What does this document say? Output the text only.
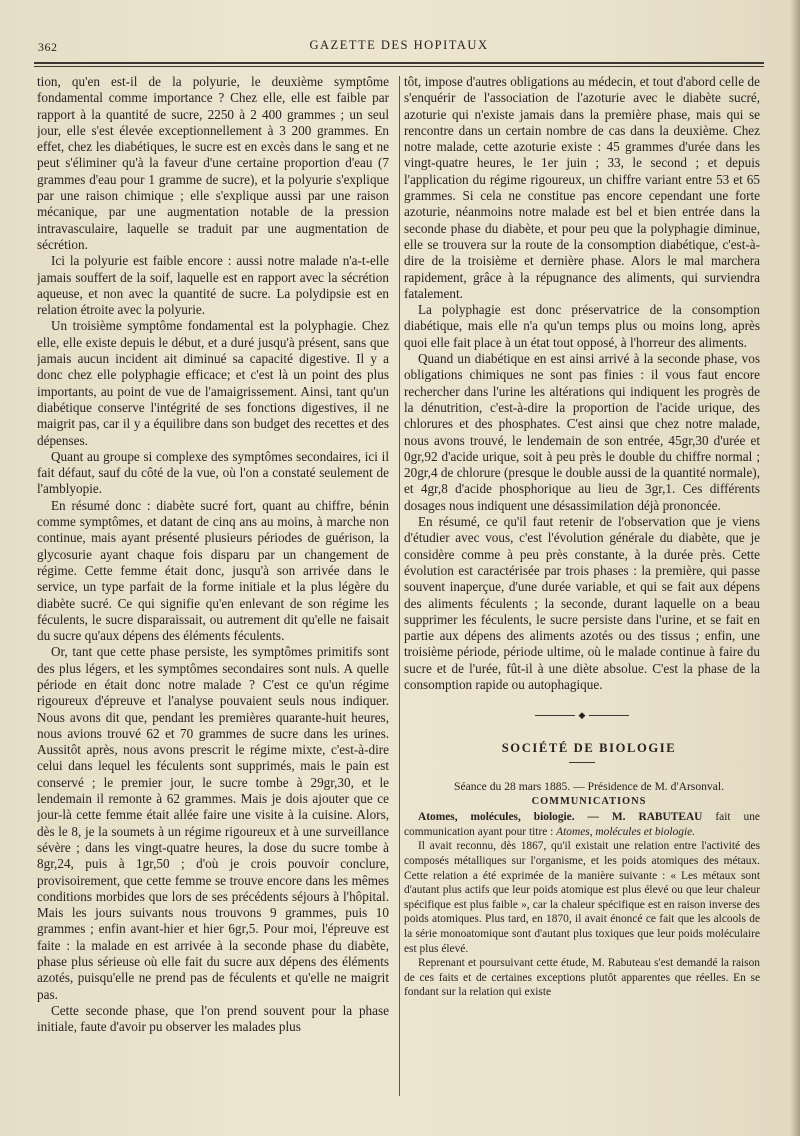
362	GAZETTE DES HOPITAUX

tion, qu'en est-il de la polyurie, le deuxième symptôme fondamental comme importance ? Chez elle, elle est faible par rapport à la quantité de sucre, 2250 à 2 400 grammes ; un seul jour, elle s'est élevée exceptionnellement à 3 200 grammes. En effet, chez les diabétiques, le sucre est en excès dans le sang et ne peut s'éliminer qu'à la faveur d'une certaine proportion d'eau (7 grammes d'eau pour 1 gramme de sucre), et la polyurie s'explique par une raison chimique ; elle s'explique aussi par une raison mécanique, par une augmentation notable de la pression intravasculaire, laquelle se traduit par une augmentation de sécrétion.

Ici la polyurie est faible encore : aussi notre malade n'a-t-elle jamais souffert de la soif, laquelle est en rapport avec la sécrétion aqueuse, et non avec la quantité de sucre. La polydipsie est en relation étroite avec la polyurie.

Un troisième symptôme fondamental est la polyphagie. Chez elle, elle existe depuis le début, et a duré jusqu'à présent, sans que jamais aucun incident ait diminué sa capacité digestive. Il y a donc chez elle polyphagie efficace; et c'est là un point des plus importants, au point de vue de l'amaigrissement. Ainsi, tant qu'un diabétique conserve l'intégrité de ses fonctions digestives, il ne maigrit pas, car il y a équilibre dans son budget des recettes et des dépenses.

Quant au groupe si complexe des symptômes secondaires, ici il fait défaut, sauf du côté de la vue, où l'on a constaté seulement de l'amblyopie.

En résumé donc : diabète sucré fort, quant au chiffre, bénin comme symptômes, et datant de cinq ans au moins, à marche non continue, mais ayant présenté plusieurs périodes de guérison, la glycosurie ayant chaque fois disparu par un changement de régime. Cette femme était donc, jusqu'à son arrivée dans le service, un type parfait de la forme initiale et la plus légère du diabète sucré. Ce qui signifie qu'en enlevant de son régime les féculents, le sucre disparaissait, ou autrement dit qu'elle ne faisait du sucre qu'aux dépens des éléments féculents.

Or, tant que cette phase persiste, les symptômes primitifs sont des plus légers, et les symptômes secondaires sont nuls. A quelle période en était donc notre malade ? C'est ce qu'un régime rigoureux d'épreuve et l'analyse pouvaient seuls nous indiquer. Nous avons dit que, pendant les premières quarante-huit heures, nous avions trouvé 62 et 70 grammes de sucre dans les urines. Aussitôt après, nous avons prescrit le régime mixte, c'est-à-dire celui dans lequel les féculents sont supprimés, mais le pain est conservé ; le premier jour, le sucre tombe à 29gr,30, et le lendemain il remonte à 62 grammes. Mais je dois ajouter que ce jour-là cette femme était allée faire une visite à la cuisine. Alors, dès le 8, je la soumets à un régime rigoureux et à une surveillance sévère ; dans les vingt-quatre heures, la dose du sucre tombe à 8gr,24, puis à 1gr,50 ; d'où je crois pouvoir conclure, provisoirement, que cette femme se trouve encore dans les mêmes conditions morbides que lors de ses précédents séjours à l'hôpital. Mais les jours suivants nous trouvons 9 grammes, puis 10 grammes ; enfin avant-hier et hier 6gr,5. Pour moi, l'épreuve est faite : la malade en est arrivée à la seconde phase du diabète, phase plus sérieuse où elle fait du sucre aux dépens des éléments azotés, puisqu'elle ne prend pas de féculents et qu'elle ne maigrit pas.

Cette seconde phase, que l'on prend souvent pour la phase initiale, faute d'avoir pu observer les malades plus

tôt, impose d'autres obligations au médecin, et tout d'abord celle de s'enquérir de l'association de l'azoturie avec le diabète sucré, azoturie qui n'existe jamais dans la première phase, mais qui se rencontre dans un certain nombre de cas dans la deuxième. Chez notre malade, cette azoturie existe : 45 grammes d'urée dans les vingt-quatre heures, le 1er juin ; 33, le second ; et depuis l'application du régime rigoureux, un chiffre variant entre 53 et 65 grammes. Si cela ne constitue pas encore cependant une forte azoturie, néanmoins notre malade est bel et bien entrée dans la seconde phase du diabète, et pour peu que la polyphagie diminue, elle se trouvera sur la route de la consomption diabétique, c'est-à-dire de la troisième et dernière phase. Alors le mal marchera rapidement, grâce à la répugnance des aliments, qui surviendra fatalement.

La polyphagie est donc préservatrice de la consomption diabétique, mais elle n'a qu'un temps plus ou moins long, après quoi elle fait place à un état tout opposé, à l'horreur des aliments.

Quand un diabétique en est ainsi arrivé à la seconde phase, vos obligations chimiques ne sont pas finies : il vous faut encore rechercher dans l'urine les altérations qui indiquent les progrès de la dénutrition, c'est-à-dire la proportion de l'acide urique, des chlorures et des phosphates. C'est ainsi que chez notre malade, nous avons trouvé, le lendemain de son entrée, 45gr,30 d'urée et 0gr,92 d'acide urique, soit à peu près le double du chiffre normal ; 20gr,4 de chlorure (presque le double aussi de la quantité normale), et 4gr,8 d'acide phosphorique au lieu de 3gr,1. Ces différents dosages nous indiquent une désassimilation déjà prononcée.

En résumé, ce qu'il faut retenir de l'observation que je viens d'étudier avec vous, c'est l'évolution générale du diabète, que je considère comme à peu près constante, à la durée près. Cette évolution est caractérisée par trois phases : la première, qui passe souvent inaperçue, d'une durée variable, et qui se fait aux dépens des aliments féculents ; la seconde, durant laquelle on a beau supprimer les féculents, le sucre persiste dans l'urine, et se fait en partie aux dépens des aliments azotés ou des tissus ; enfin, une troisième période, période ultime, où le malade continue à faire du sucre et de l'urée, fût-il à une diète absolue. C'est la phase de la consomption rapide ou autophagique.

◆

SOCIÉTÉ DE BIOLOGIE

Séance du 28 mars 1885. — Présidence de M. d'Arsonval.

COMMUNICATIONS

Atomes, molécules, biologie. — M. RABUTEAU fait une communication ayant pour titre : Atomes, molécules et biologie.

Il avait reconnu, dès 1867, qu'il existait une relation entre l'activité des composés métalliques sur l'organisme, et les poids atomiques des métaux. Cette relation a été exprimée de la manière suivante : « Les métaux sont d'autant plus actifs que leur poids atomique est plus élevé ou que leur chaleur spécifique est plus faible », car la chaleur spécifique est en raison inverse des poids atomiques. Plus tard, en 1870, il avait énoncé ce fait que les alcools de la série monoatomique sont d'autant plus toxiques que leur poids moléculaire est plus élevé.

Reprenant et poursuivant cette étude, M. Rabuteau s'est demandé la raison de ces faits et de certaines exceptions plutôt apparentes que réelles. En se fondant sur la relation qui existe
